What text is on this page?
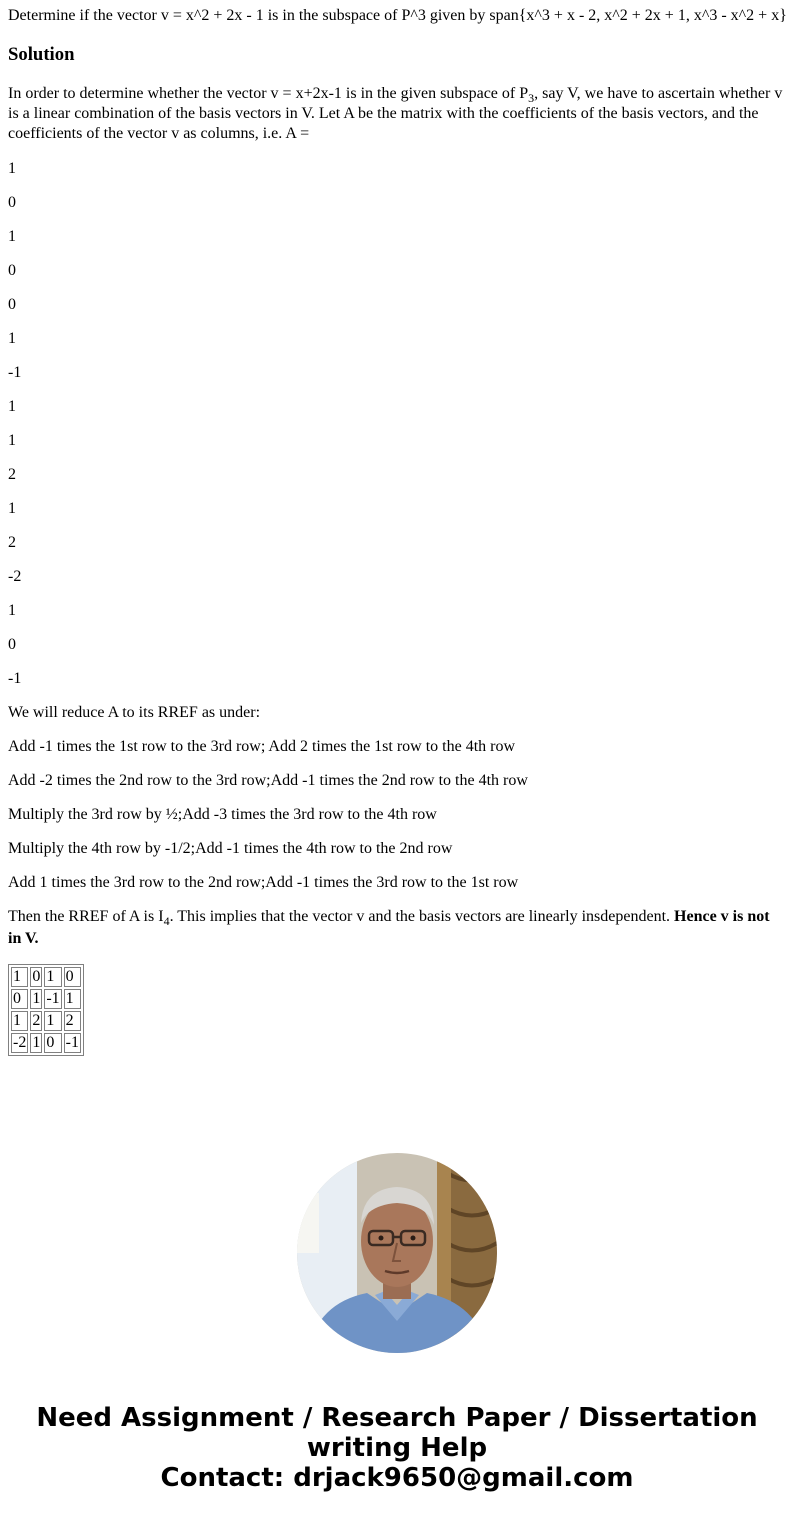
Determine if the vector v = x^2 + 2x - 1 is in the subspace of P^3 given by span{x^3 + x - 2, x^2 + 2x + 1, x^3 - x^2 + x}

Solution

In order to determine whether the vector v = x+2x-1 is in the given subspace of $P_3$, say V, we have to ascertain whether v is a linear combination of the basis vectors in V. Let A be the matrix with the coefficients of the basis vectors, and the coefficients of the vector v as columns, i.e. A =

1

0

1

0

0

1

-1

1

1

2

1

2

-2

1

0

-1

We will reduce A to its RREF as under:

Add -1 times the 1st row to the 3rd row; Add 2 times the 1st row to the 4th row

Add -2 times the 2nd row to the 3rd row;Add -1 times the 2nd row to the 4th row

Multiply the 3rd row by ½;Add -3 times the 3rd row to the 4th row

Multiply the 4th row by -1/2;Add -1 times the 4th row to the 2nd row

Add 1 times the 3rd row to the 2nd row;Add -1 times the 3rd row to the 1st row

Then the RREF of A is $I_4$. This implies that the vector v and the basis vectors are linearly insdependent. Hence v is not in V.

1	0	1	0
0	1	-1	1
1	2	1	2
-2	1	0	-1
Need Assignment / Research Paper / Dissertation
writing Help
Contact: drjack9650@gmail.com
